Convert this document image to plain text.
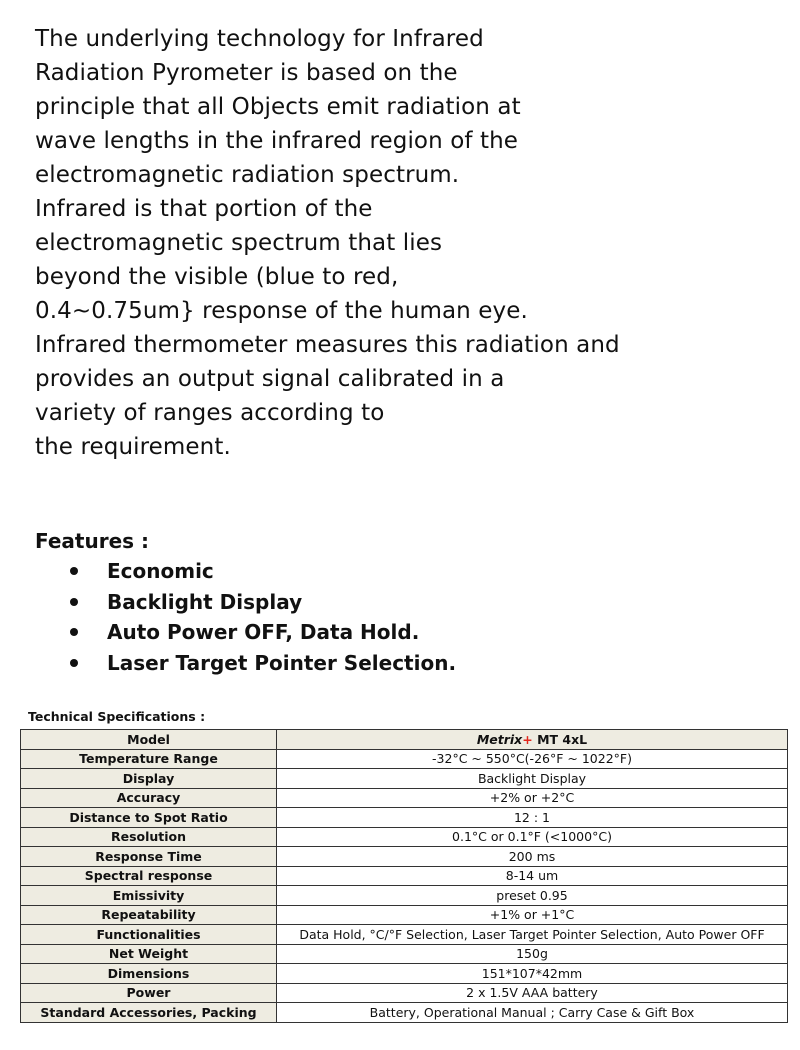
The underlying technology for Infrared
Radiation Pyrometer is based on the
principle that all Objects emit radiation at
wave lengths in the infrared region of the
electromagnetic radiation spectrum.
Infrared is that portion of the
electromagnetic spectrum that lies
beyond the visible (blue to red,
0.4~0.75um} response of the human eye.
Infrared thermometer measures this radiation and
provides an output signal calibrated in a
variety of ranges according to
the requirement.
Features :
Economic
Backlight Display
Auto Power OFF, Data Hold.
Laser Target Pointer Selection.
Technical Specifications :
Model	Metrix+ MT 4xL
Temperature Range	-32°C ~ 550°C(-26°F ~ 1022°F)
Display	Backlight Display
Accuracy	+2% or +2°C
Distance to Spot Ratio	12 : 1
Resolution	0.1°C or 0.1°F (<1000°C)
Response Time	200 ms
Spectral response	8-14 um
Emissivity	preset 0.95
Repeatability	+1% or +1°C
Functionalities	Data Hold, °C/°F Selection, Laser Target Pointer Selection, Auto Power OFF
Net Weight	150g
Dimensions	151*107*42mm
Power	2 x 1.5V AAA battery
Standard Accessories, Packing	Battery, Operational Manual ; Carry Case & Gift Box
